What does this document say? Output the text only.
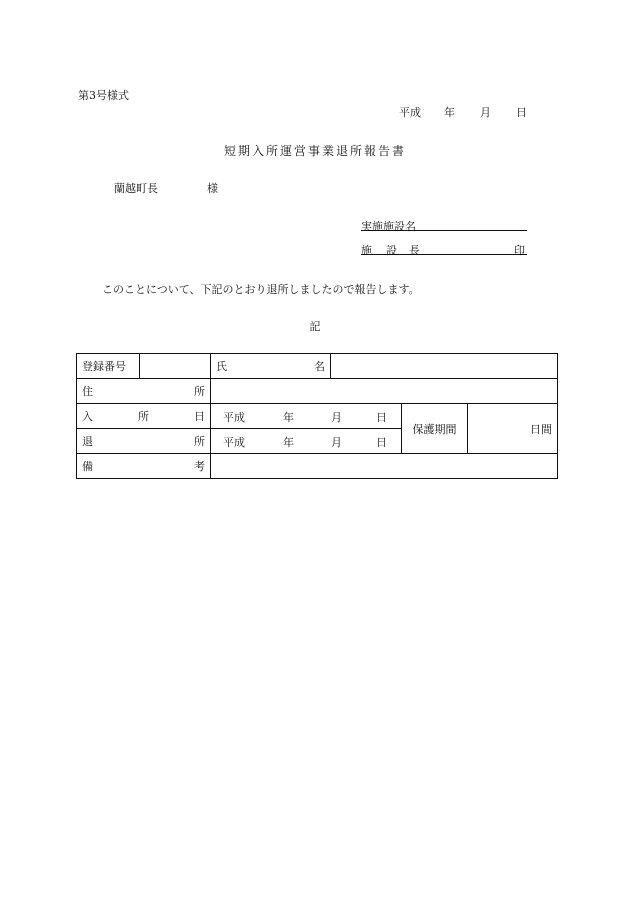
第3号様式
平成 年 月 日
短期入所運営事業退所報告書
蘭越町長	様
実施施設名
施 設 長	印
このことについて、下記のとおり退所しましたので報告します。
記
登録番号		氏 名			

住 所					

入 所 日		平成 年 月 日		保護期間	日間

退 所		平成 年 月 日			

備 考					
